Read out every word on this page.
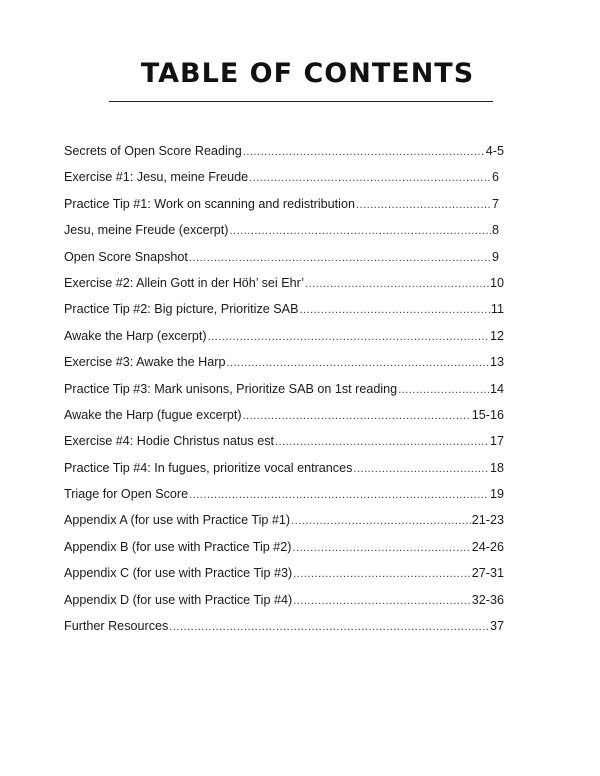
TABLE OF CONTENTS
Secrets of Open Score Reading .....	4-5
Exercise #1: Jesu, meine Freude .....	6
Practice Tip #1: Work on scanning and redistribution .....	7
Jesu, meine Freude (excerpt) .....	8
Open Score Snapshot .....	9
Exercise #2: Allein Gott in der Höh’ sei Ehr’ .....	10
Practice Tip #2: Big picture, Prioritize SAB .....	11
Awake the Harp (excerpt) .....	12
Exercise #3: Awake the Harp .....	13
Practice Tip #3: Mark unisons, Prioritize SAB on 1st reading .....	14
Awake the Harp (fugue excerpt) .....	15-16
Exercise #4: Hodie Christus natus est .....	17
Practice Tip #4: In fugues, prioritize vocal entrances .....	18
Triage for Open Score .....	19
Appendix A (for use with Practice Tip #1) .....	21-23
Appendix B (for use with Practice Tip #2) .....	24-26
Appendix C (for use with Practice Tip #3) .....	27-31
Appendix D (for use with Practice Tip #4) .....	32-36
Further Resources .....	37
